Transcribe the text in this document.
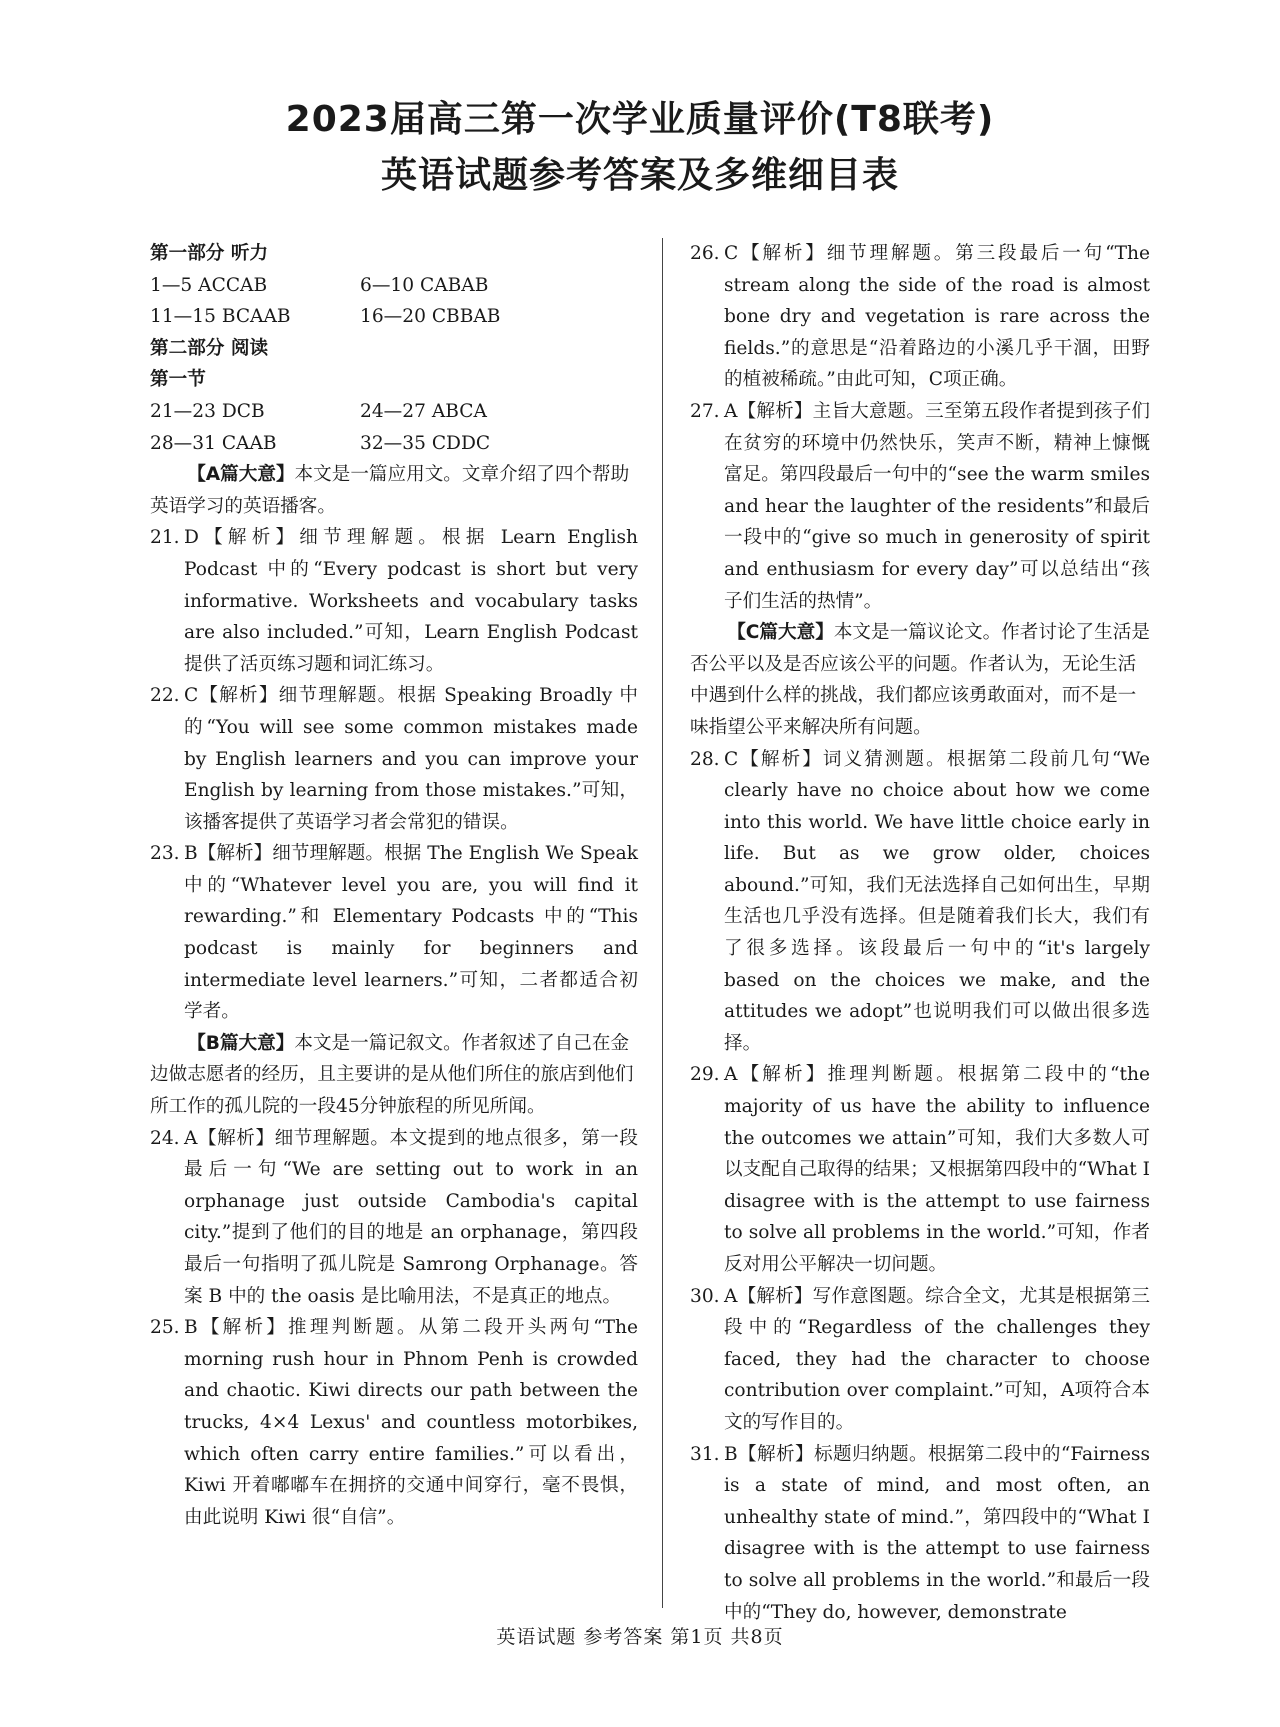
2023届高三第一次学业质量评价(T8联考)
英语试题参考答案及多维细目表
第一部分 听力
1—5 ACCAB	6—10 CABAB
11—15 BCAAB	16—20 CBBAB
第二部分 阅读
第一节
21—23 DCB	24—27 ABCA
28—31 CAAB	32—35 CDDC
【A篇大意】本文是一篇应用文。文章介绍了四个帮助英语学习的英语播客。
21. D【解析】细节理解题。根据 Learn English Podcast 中的“Every podcast is short but very informative. Worksheets and vocabulary tasks are also included.”可知，Learn English Podcast 提供了活页练习题和词汇练习。
22. C【解析】细节理解题。根据 Speaking Broadly 中的“You will see some common mistakes made by English learners and you can improve your English by learning from those mistakes.”可知，该播客提供了英语学习者会常犯的错误。
23. B【解析】细节理解题。根据 The English We Speak 中的“Whatever level you are, you will find it rewarding.”和 Elementary Podcasts 中的“This podcast is mainly for beginners and intermediate level learners.”可知，二者都适合初学者。
【B篇大意】本文是一篇记叙文。作者叙述了自己在金边做志愿者的经历，且主要讲的是从他们所住的旅店到他们所工作的孤儿院的一段45分钟旅程的所见所闻。
24. A【解析】细节理解题。本文提到的地点很多，第一段最后一句“We are setting out to work in an orphanage just outside Cambodia's capital city.”提到了他们的目的地是 an orphanage，第四段最后一句指明了孤儿院是 Samrong Orphanage。答案 B 中的 the oasis 是比喻用法，不是真正的地点。
25. B【解析】推理判断题。从第二段开头两句“The morning rush hour in Phnom Penh is crowded and chaotic. Kiwi directs our path between the trucks, 4×4 Lexus' and countless motorbikes, which often carry entire families.”可以看出，Kiwi 开着嘟嘟车在拥挤的交通中间穿行，毫不畏惧，由此说明 Kiwi 很“自信”。
26. C【解析】细节理解题。第三段最后一句“The stream along the side of the road is almost bone dry and vegetation is rare across the fields.”的意思是“沿着路边的小溪几乎干涸，田野的植被稀疏。”由此可知，C项正确。
27. A【解析】主旨大意题。三至第五段作者提到孩子们在贫穷的环境中仍然快乐，笑声不断，精神上慷慨富足。第四段最后一句中的“see the warm smiles and hear the laughter of the residents”和最后一段中的“give so much in generosity of spirit and enthusiasm for every day”可以总结出“孩子们生活的热情”。
【C篇大意】本文是一篇议论文。作者讨论了生活是否公平以及是否应该公平的问题。作者认为，无论生活中遇到什么样的挑战，我们都应该勇敢面对，而不是一味指望公平来解决所有问题。
28. C【解析】词义猜测题。根据第二段前几句“We clearly have no choice about how we come into this world. We have little choice early in life. But as we grow older, choices abound.”可知，我们无法选择自己如何出生，早期生活也几乎没有选择。但是随着我们长大，我们有了很多选择。该段最后一句中的“it's largely based on the choices we make, and the attitudes we adopt”也说明我们可以做出很多选择。
29. A【解析】推理判断题。根据第二段中的“the majority of us have the ability to influence the outcomes we attain”可知，我们大多数人可以支配自己取得的结果；又根据第四段中的“What I disagree with is the attempt to use fairness to solve all problems in the world.”可知，作者反对用公平解决一切问题。
30. A【解析】写作意图题。综合全文，尤其是根据第三段中的“Regardless of the challenges they faced, they had the character to choose contribution over complaint.”可知，A项符合本文的写作目的。
31. B【解析】标题归纳题。根据第二段中的“Fairness is a state of mind, and most often, an unhealthy state of mind.”，第四段中的“What I disagree with is the attempt to use fairness to solve all problems in the world.”和最后一段中的“They do, however, demonstrate
英语试题 参考答案 第1页 共8页
